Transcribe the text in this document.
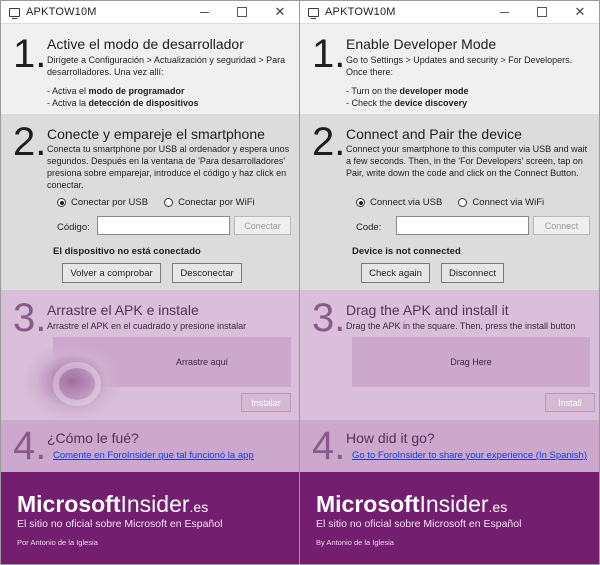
APKTOW10M	✕
1. Active el modo de desarrollador
Dirígete a Configuración > Actualización y seguridad > Para desarrolladores. Una vez allí:
- Activa el modo de programador
- Activa la detección de dispositivos
2. Conecte y empareje el smartphone
Conecta tu smartphone por USB al ordenador y espera unos segundos. Después en la ventana de 'Para desarrolladores' presiona sobre emparejar, introduce el código y haz click en conectar.
Conectar por USB	Conectar por WiFi
Código:	Conectar
El dispositivo no está conectado
Volver a comprobar	Desconectar
3. Arrastre el APK e instale
Arrastre el APK en el cuadrado y presione instalar
Arrastre aquí
Instalar
4. ¿Cómo le fué?
Comente en ForoInsider que tal funcionó la app
MicrosoftInsider.es
El sitio no oficial sobre Microsoft en Español
Por Antonio de la Iglesia
APKTOW10M	✕
1. Enable Developer Mode
Go to Settings > Updates and security > For Developers. Once there:
- Turn on the developer mode
- Check the device discovery
2. Connect and Pair the device
Connect your smartphone to this computer via USB and wait a few seconds. Then, in the 'For Developers' screen, tap on Pair, write down the code and click on the Connect Button.
Connect via USB	Connect via WiFi
Code:	Connect
Device is not connected
Check again	Disconnect
3. Drag the APK and install it
Drag the APK in the square. Then, press the install button
Drag Here
Install
4. How did it go?
Go to ForoInsider to share your experience (In Spanish)
MicrosoftInsider.es
El sitio no oficial sobre Microsoft en Español
By Antonio de la Iglesia
